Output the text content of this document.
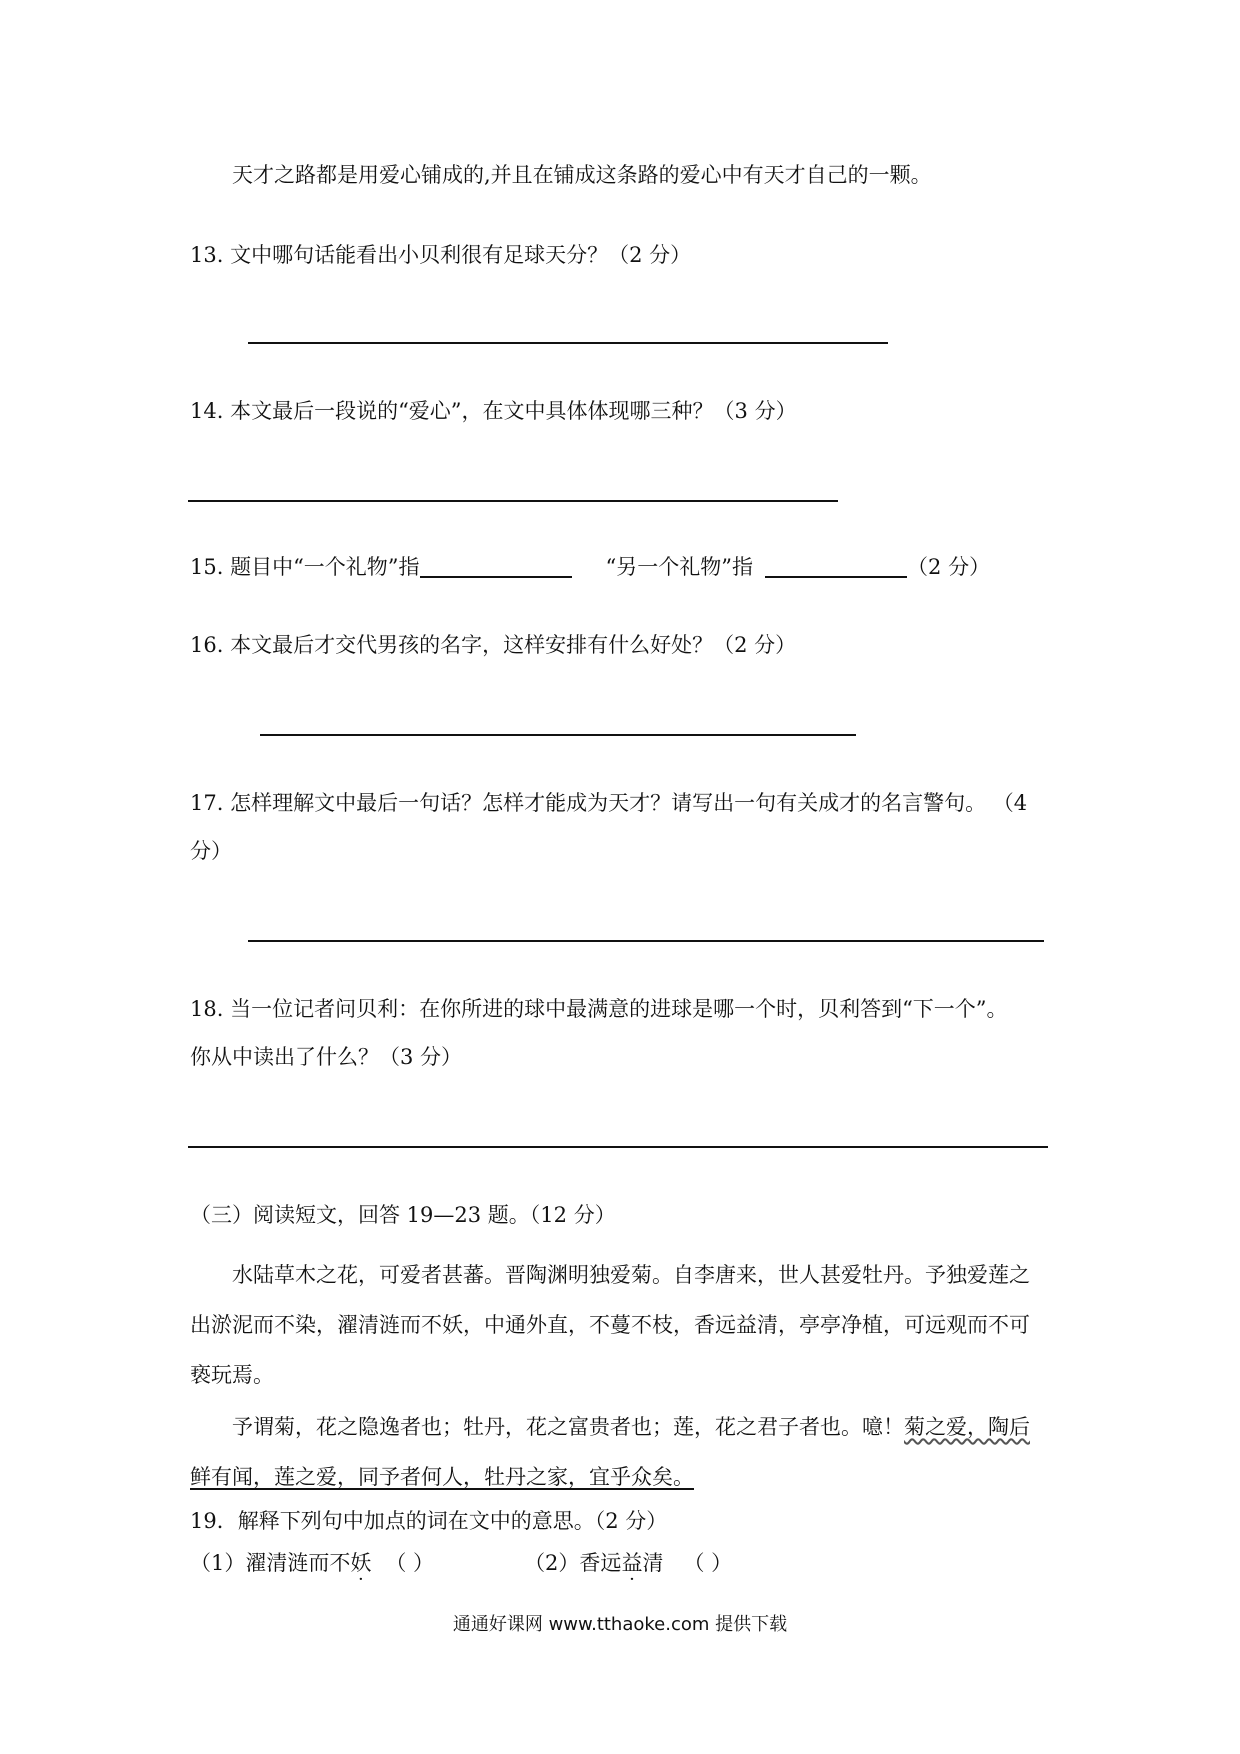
天才之路都是用爱心铺成的,并且在铺成这条路的爱心中有天才自己的一颗。

13. 文中哪句话能看出小贝利很有足球天分？（2 分）

14. 本文最后一段说的“爱心”，在文中具体体现哪三种？（3 分）

15. 题目中“一个礼物”指	“另一个礼物”指	（2 分）

16. 本文最后才交代男孩的名字，这样安排有什么好处？（2 分）

17. 怎样理解文中最后一句话？怎样才能成为天才？请写出一句有关成才的名言警句。 （4

分）

18. 当一位记者问贝利：在你所进的球中最满意的进球是哪一个时，贝利答到“下一个”。

你从中读出了什么？（3 分）

（三）阅读短文，回答 19—23 题。（12 分）

水陆草木之花，可爱者甚蕃。晋陶渊明独爱菊。自李唐来，世人甚爱牡丹。予独爱莲之

出淤泥而不染，濯清涟而不妖，中通外直，不蔓不枝，香远益清，亭亭净植，可远观而不可

亵玩焉。

予谓菊，花之隐逸者也；牡丹，花之富贵者也；莲，花之君子者也。噫！菊之爱，陶后

鲜有闻，莲之爱，同予者何人，牡丹之家，宜乎众矣。

19．解释下列句中加点的词在文中的意思。（2 分）

（1）濯清涟而不妖 （ ）	（2）香远益清 （ ）

通通好课网 www.tthaoke.com 提供下载
